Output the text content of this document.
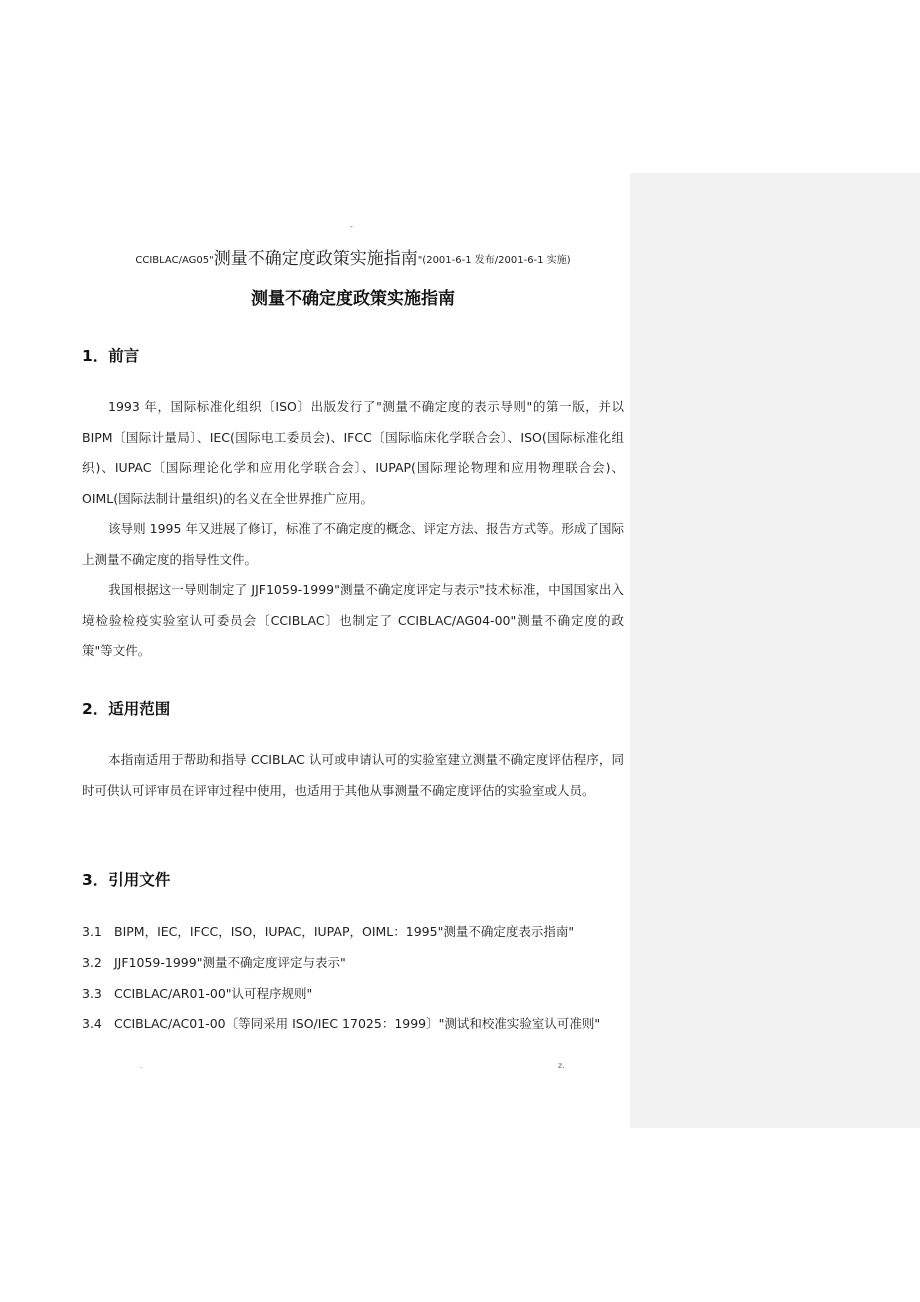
-
CCIBLAC/AG05"测量不确定度政策实施指南"(2001-6-1 发布/2001-6-1 实施)
测量不确定度政策实施指南
1．前言
1993 年，国际标准化组织〔ISO〕出版发行了"测量不确定度的表示导则"的第一版，并以 BIPM〔国际计量局〕、IEC(国际电工委员会)、IFCC〔国际临床化学联合会〕、ISO(国际标准化组织)、IUPAC〔国际理论化学和应用化学联合会〕、IUPAP(国际理论物理和应用物理联合会)、OIML(国际法制计量组织)的名义在全世界推广应用。
该导则 1995 年又进展了修订，标准了不确定度的概念、评定方法、报告方式等。形成了国际上测量不确定度的指导性文件。
我国根据这一导则制定了 JJF1059-1999"测量不确定度评定与表示"技术标准，中国国家出入境检验检疫实验室认可委员会〔CCIBLAC〕也制定了 CCIBLAC/AG04-00"测量不确定度的政策"等文件。
2．适用范围
本指南适用于帮助和指导 CCIBLAC 认可或申请认可的实验室建立测量不确定度评估程序，同时可供认可评审员在评审过程中使用，也适用于其他从事测量不确定度评估的实验室或人员。
3．引用文件
3.1 BIPM，IEC，IFCC，ISO，IUPAC，IUPAP，OIML：1995"测量不确定度表示指南"
3.2 JJF1059-1999"测量不确定度评定与表示"
3.3 CCIBLAC/AR01-00"认可程序规则"
3.4 CCIBLAC/AC01-00〔等同采用 ISO/IEC 17025：1999〕"测试和校准实验室认可准则"
.	z.
